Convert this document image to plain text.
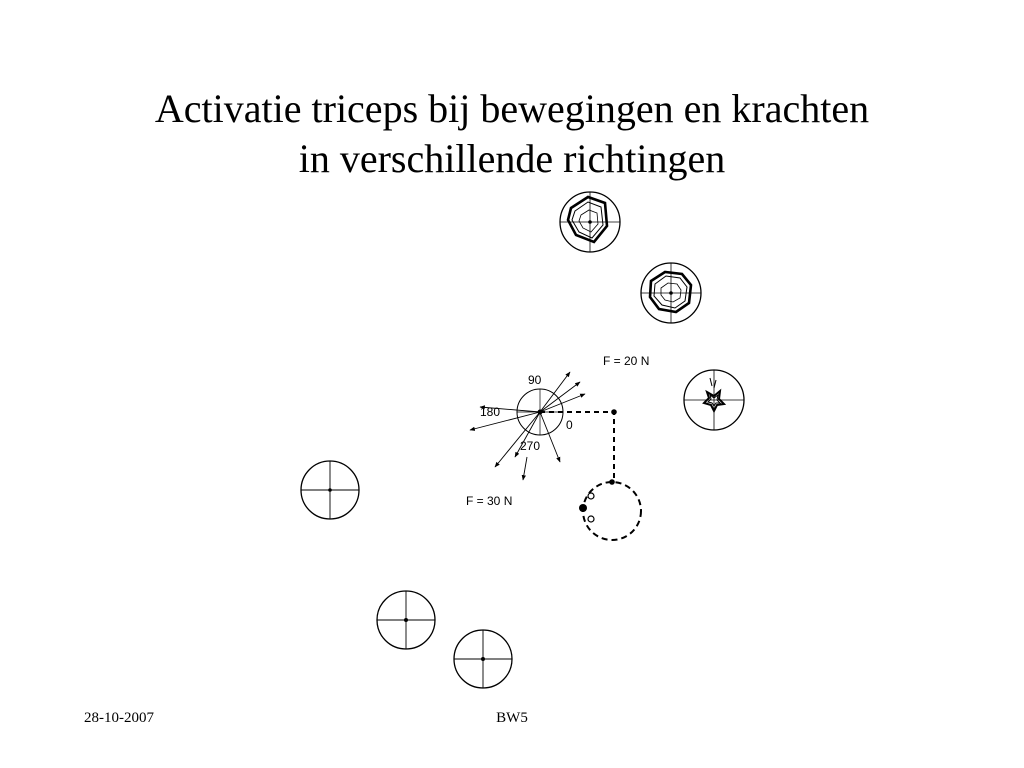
Activatie triceps bij bewegingen en krachten
in verschillende richtingen
90
180
270
0
F = 20 N
F = 30 N
28-10-2007	BW5
